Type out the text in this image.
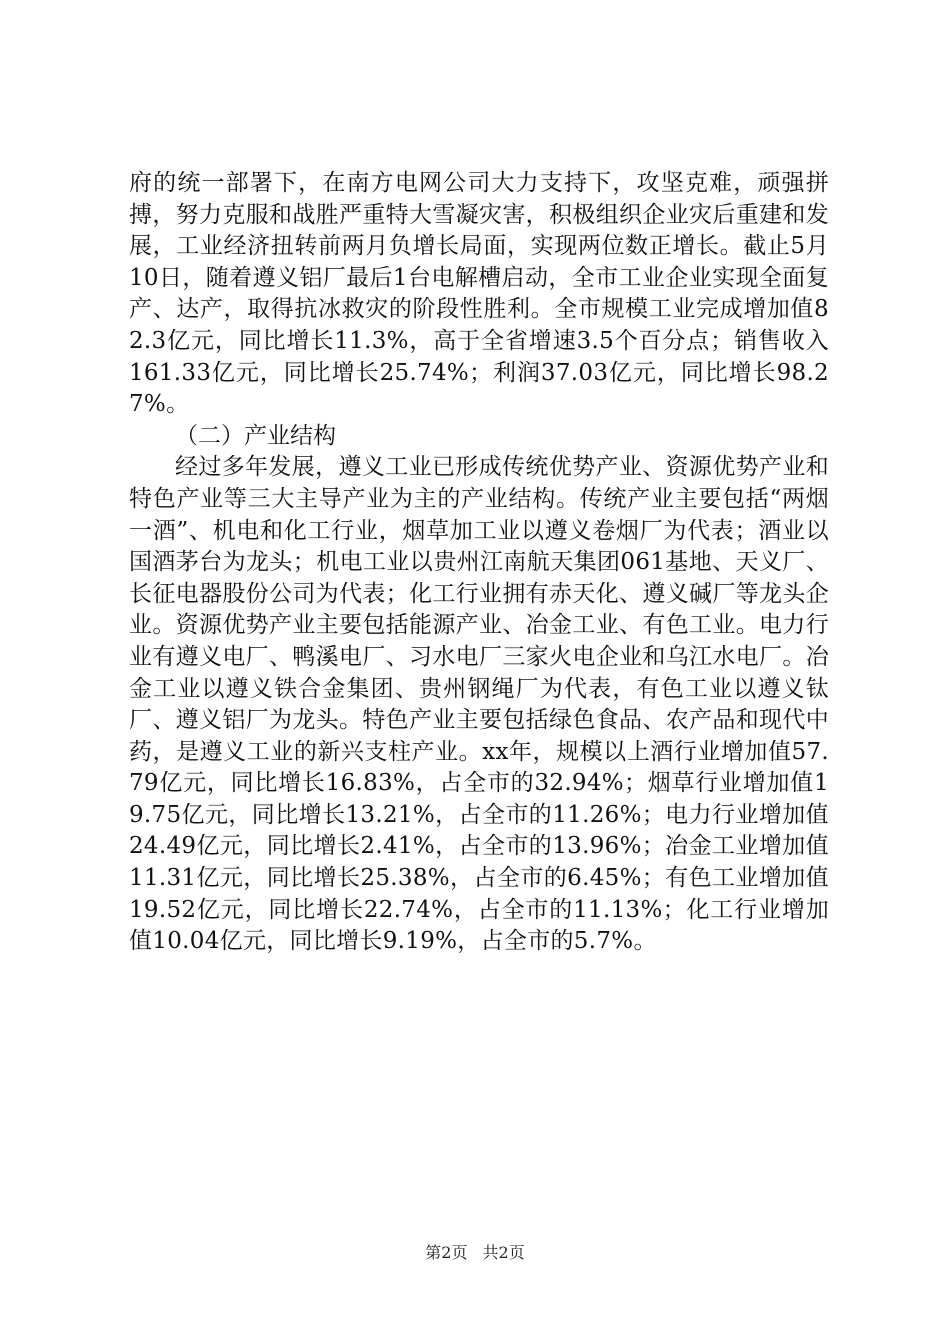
府的统一部署下，在南方电网公司大力支持下，攻坚克难，顽强拼搏，努力克服和战胜严重特大雪凝灾害，积极组织企业灾后重建和发展，工业经济扭转前两月负增长局面，实现两位数正增长。截止5月10日，随着遵义铝厂最后1台电解槽启动，全市工业企业实现全面复产、达产，取得抗冰救灾的阶段性胜利。全市规模工业完成增加值82.3亿元，同比增长11.3%，高于全省增速3.5个百分点；销售收入161.33亿元，同比增长25.74%；利润37.03亿元，同比增长98.27%。

（二）产业结构

经过多年发展，遵义工业已形成传统优势产业、资源优势产业和特色产业等三大主导产业为主的产业结构。传统产业主要包括“两烟一酒”、机电和化工行业，烟草加工业以遵义卷烟厂为代表；酒业以国酒茅台为龙头；机电工业以贵州江南航天集团061基地、天义厂、长征电器股份公司为代表；化工行业拥有赤天化、遵义碱厂等龙头企业。资源优势产业主要包括能源产业、冶金工业、有色工业。电力行业有遵义电厂、鸭溪电厂、习水电厂三家火电企业和乌江水电厂。冶金工业以遵义铁合金集团、贵州钢绳厂为代表，有色工业以遵义钛厂、遵义铝厂为龙头。特色产业主要包括绿色食品、农产品和现代中药，是遵义工业的新兴支柱产业。xx年，规模以上酒行业增加值57.79亿元，同比增长16.83%，占全市的32.94%；烟草行业增加值19.75亿元，同比增长13.21%，占全市的11.26%；电力行业增加值24.49亿元，同比增长2.41%，占全市的13.96%；冶金工业增加值11.31亿元，同比增长25.38%，占全市的6.45%；有色工业增加值19.52亿元，同比增长22.74%，占全市的11.13%；化工行业增加值10.04亿元，同比增长9.19%，占全市的5.7%。

第2页 共2页
